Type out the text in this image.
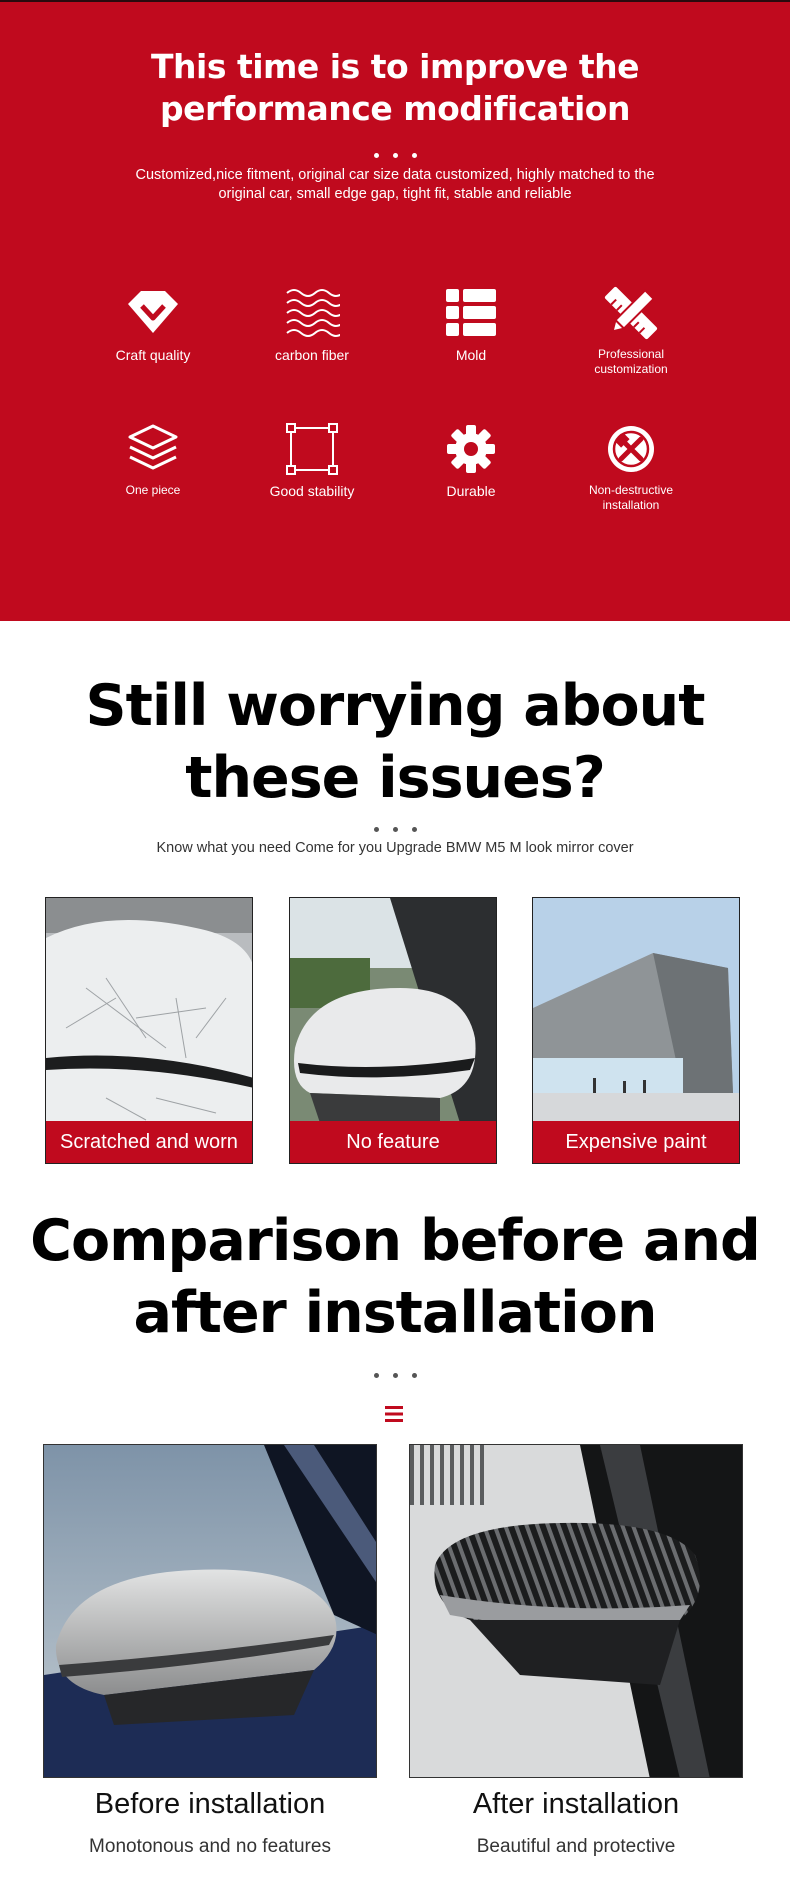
This time is to improve the
performance modification
Customized,nice fitment, original car size data customized, highly matched to the
original car, small edge gap, tight fit, stable and reliable
Craft quality	carbon fiber	Mold	Professional
customization
One piece	Good stability	Durable	Non-destructive
installation
Still worrying about
these issues?
Know what you need Come for you Upgrade BMW M5 M look mirror cover
Scratched and worn	No feature	Expensive paint
Comparison before and
after installation
Before installation
Monotonous and no features
After installation
Beautiful and protective
